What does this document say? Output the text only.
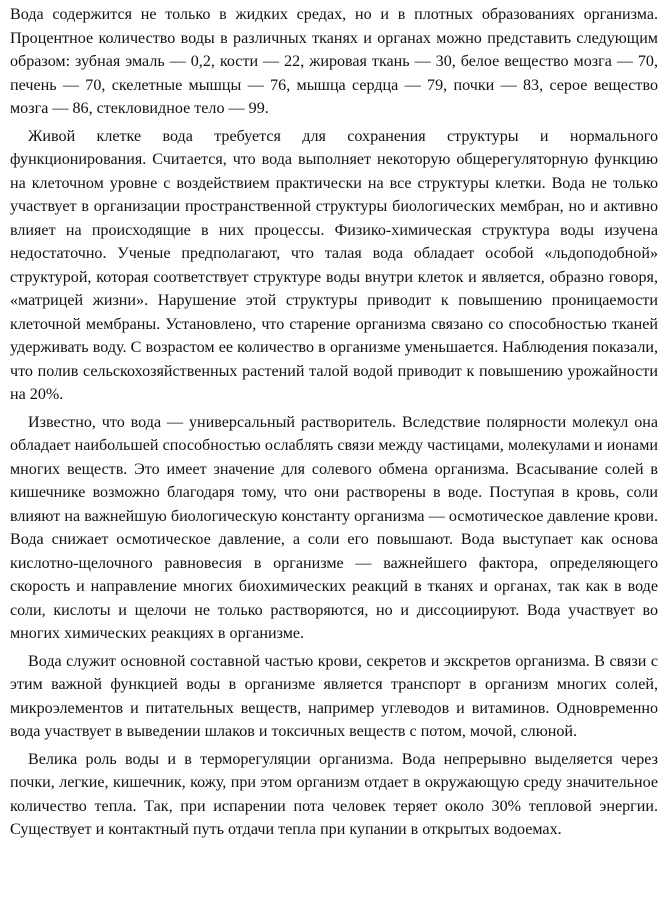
Вода содержится не только в жидких средах, но и в плотных образованиях организма. Процентное количество воды в различных тканях и органах можно представить следующим образом: зубная эмаль — 0,2, кости — 22, жировая ткань — 30, белое вещество мозга — 70, печень — 70, скелетные мышцы — 76, мышца сердца — 79, почки — 83, серое вещество мозга — 86, стекловидное тело — 99.

Живой клетке вода требуется для сохранения структуры и нормального функционирования. Считается, что вода выполняет некоторую общерегуляторную функцию на клеточном уровне с воздействием практически на все структуры клетки. Вода не только участвует в организации пространственной структуры биологических мембран, но и активно влияет на происходящие в них процессы. Физико-химическая структура воды изучена недостаточно. Ученые предполагают, что талая вода обладает особой «льдоподобной» структурой, которая соответствует структуре воды внутри клеток и является, образно говоря, «матрицей жизни». Нарушение этой структуры приводит к повышению проницаемости клеточной мембраны. Установлено, что старение организма связано со способностью тканей удерживать воду. С возрастом ее количество в организме уменьшается. Наблюдения показали, что полив сельскохозяйственных растений талой водой приводит к повышению урожайности на 20%.

Известно, что вода — универсальный растворитель. Вследствие полярности молекул она обладает наибольшей способностью ослаблять связи между частицами, молекулами и ионами многих веществ. Это имеет значение для солевого обмена организма. Всасывание солей в кишечнике возможно благодаря тому, что они растворены в воде. Поступая в кровь, соли влияют на важнейшую биологическую константу организма — осмотическое давление крови. Вода снижает осмотическое давление, а соли его повышают. Вода выступает как основа кислотно-щелочного равновесия в организме — важнейшего фактора, определяющего скорость и направление многих биохимических реакций в тканях и органах, так как в воде соли, кислоты и щелочи не только растворяются, но и диссоциируют. Вода участвует во многих химических реакциях в организме.

Вода служит основной составной частью крови, секретов и экскретов организма. В связи с этим важной функцией воды в организме является транспорт в организм многих солей, микроэлементов и питательных веществ, например углеводов и витаминов. Одновременно вода участвует в выведении шлаков и токсичных веществ с потом, мочой, слюной.

Велика роль воды и в терморегуляции организма. Вода непрерывно выделяется через почки, легкие, кишечник, кожу, при этом организм отдает в окружающую среду значительное количество тепла. Так, при испарении пота человек теряет около 30% тепловой энергии. Существует и контактный путь отдачи тепла при купании в открытых водоемах.
